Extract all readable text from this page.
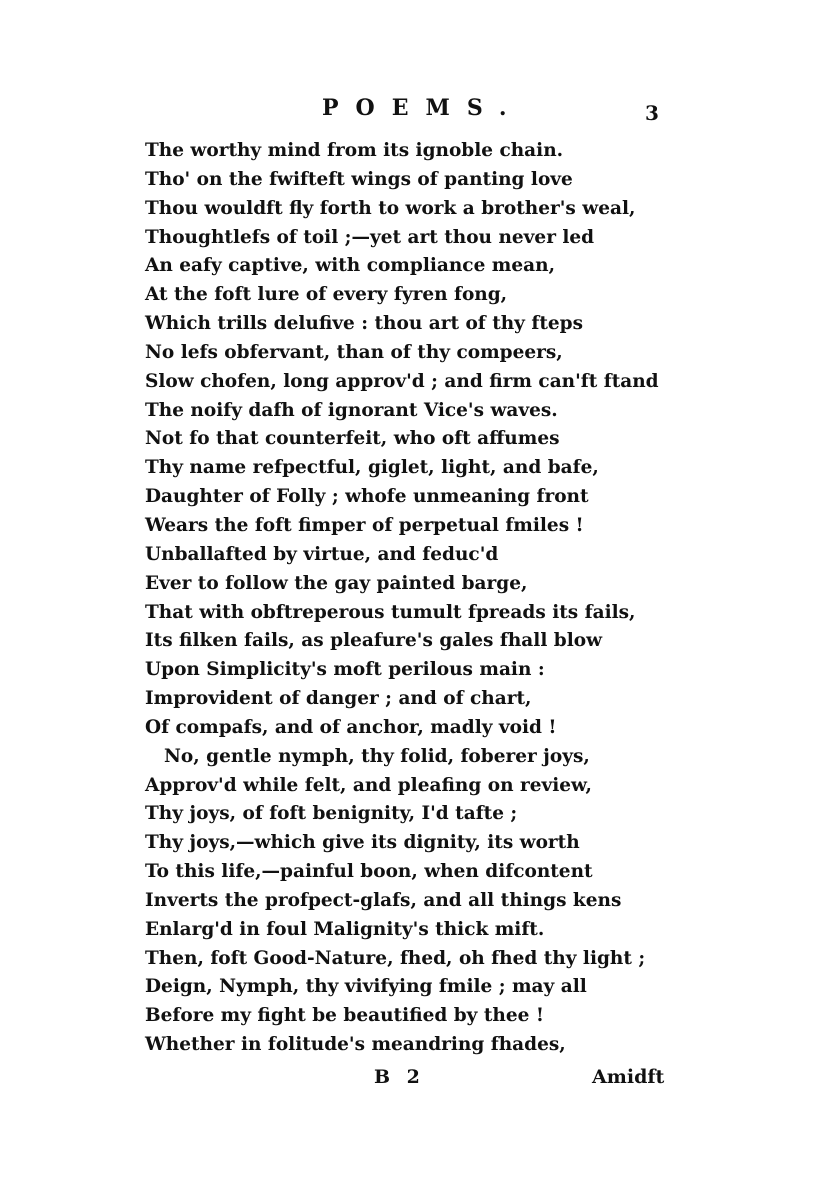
POEMS.	3
The worthy mind from its ignoble chain.
Tho' on the fwifteft wings of panting love
Thou wouldft fly forth to work a brother's weal,
Thoughtlefs of toil ;—yet art thou never led
An eafy captive, with compliance mean,
At the foft lure of every fyren fong,
Which trills delufive : thou art of thy fteps
No lefs obfervant, than of thy compeers,
Slow chofen, long approv'd ; and firm can'ft ftand
The noify dafh of ignorant Vice's waves.
Not fo that counterfeit, who oft affumes
Thy name refpectful, giglet, light, and bafe,
Daughter of Folly ; whofe unmeaning front
Wears the foft fimper of perpetual fmiles !
Unballafted by virtue, and feduc'd
Ever to follow the gay painted barge,
That with obftreperous tumult fpreads its fails,
Its filken fails, as pleafure's gales fhall blow
Upon Simplicity's moft perilous main :
Improvident of danger ; and of chart,
Of compafs, and of anchor, madly void !
No, gentle nymph, thy folid, foberer joys,
Approv'd while felt, and pleafing on review,
Thy joys, of foft benignity, I'd tafte ;
Thy joys,—which give its dignity, its worth
To this life,—painful boon, when difcontent
Inverts the profpect-glafs, and all things kens
Enlarg'd in foul Malignity's thick mift.
Then, foft Good-Nature, fhed, oh fhed thy light ;
Deign, Nymph, thy vivifying fmile ; may all
Before my fight be beautified by thee !
Whether in folitude's meandring fhades,
B 2	Amidft
